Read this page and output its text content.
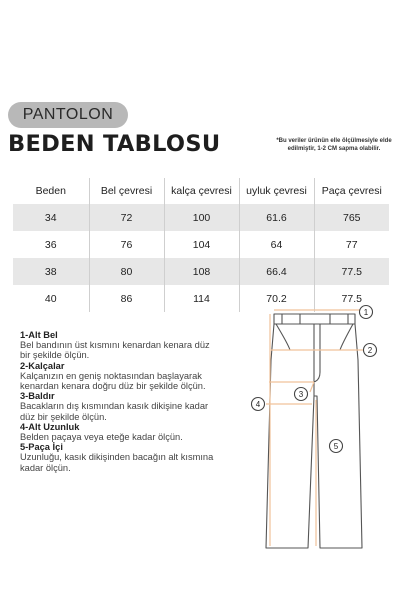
PANTOLON
BEDEN TABLOSU	*Bu veriler ürünün elle ölçülmesiyle elde edilmiştir, 1-2 CM sapma olabilir.
Beden	Bel çevresi	kalça çevresi	uyluk çevresi	Paça çevresi
34	72	100	61.6	765
36	76	104	64	77
38	80	108	66.4	77.5
40	86	114	70.2	77.5
1-Alt Bel
Bel bandının üst kısmını kenardan kenara düz
bir şekilde ölçün.
2-Kalçalar
Kalçanızın en geniş noktasından başlayarak
kenardan kenara doğru düz bir şekilde ölçün.
3-Baldır
Bacakların dış kısmından kasık dikişine kadar
düz bir şekilde ölçün.
4-Alt Uzunluk
Belden paçaya veya eteğe kadar ölçün.
5-Paça İçi
Uzunluğu, kasık dikişinden bacağın alt kısmına
kadar ölçün.
1
2
3
4
5
